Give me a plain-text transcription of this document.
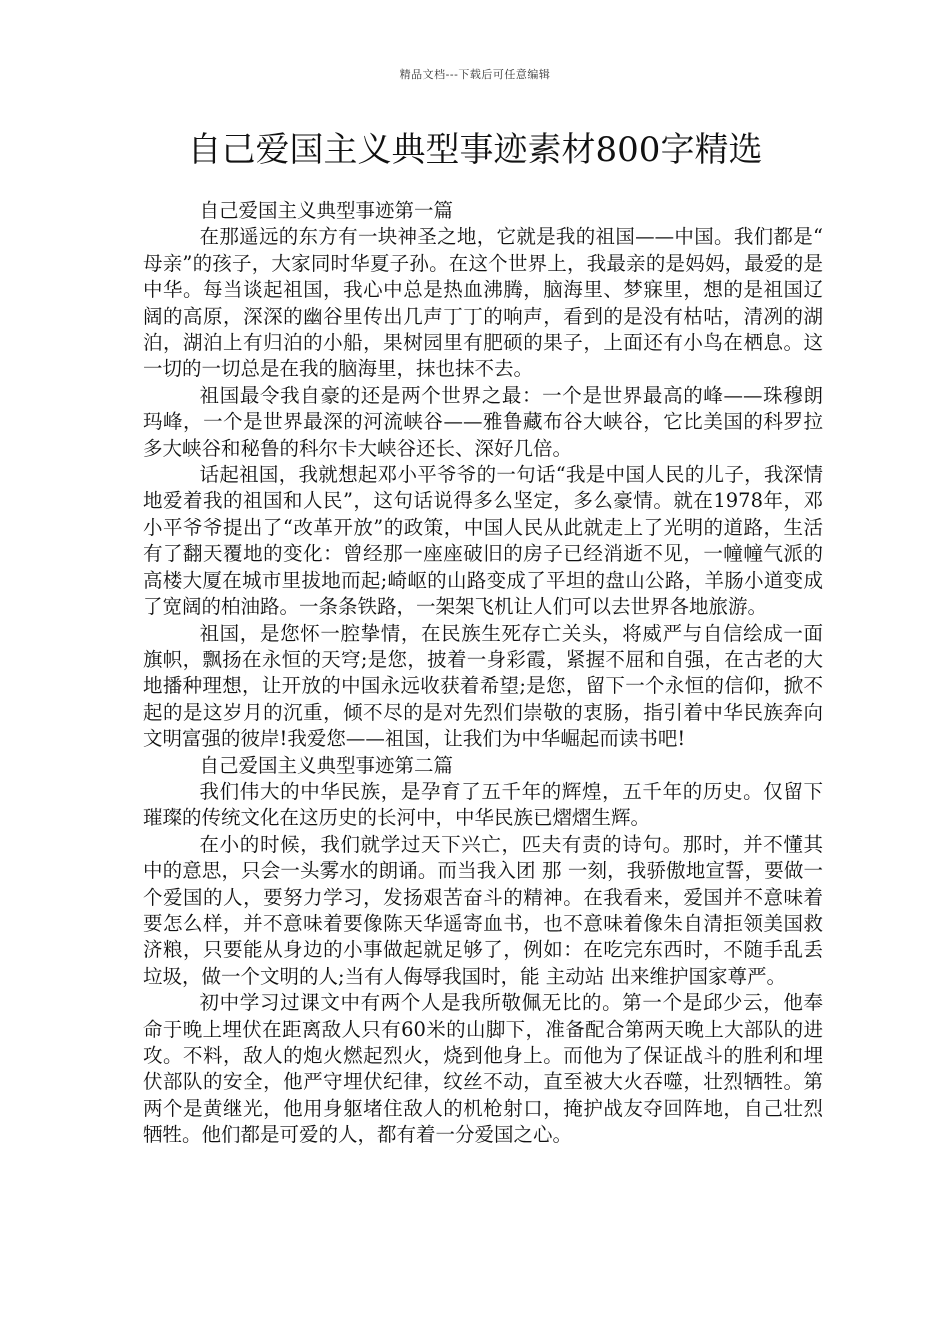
精品文档---下载后可任意编辑
自己爱国主义典型事迹素材800字精选

自己爱国主义典型事迹第一篇

在那遥远的东方有一块神圣之地，它就是我的祖国——中国。我们都是“母亲”的孩子，大家同时华夏子孙。在这个世界上，我最亲的是妈妈，最爱的是中华。每当谈起祖国，我心中总是热血沸腾，脑海里、梦寐里，想的是祖国辽阔的高原，深深的幽谷里传出几声丁丁的响声，看到的是没有枯咕，清冽的湖泊，湖泊上有归泊的小船，果树园里有肥硕的果子，上面还有小鸟在栖息。这一切的一切总是在我的脑海里，抹也抹不去。

祖国最令我自豪的还是两个世界之最：一个是世界最高的峰——珠穆朗玛峰，一个是世界最深的河流峡谷——雅鲁藏布谷大峡谷，它比美国的科罗拉多大峡谷和秘鲁的科尔卡大峡谷还长、深好几倍。

话起祖国，我就想起邓小平爷爷的一句话“我是中国人民的儿子，我深情地爱着我的祖国和人民”，这句话说得多么坚定，多么豪情。就在1978年，邓小平爷爷提出了“改革开放”的政策，中国人民从此就走上了光明的道路，生活有了翻天覆地的变化：曾经那一座座破旧的房子已经消逝不见，一幢幢气派的高楼大厦在城市里拔地而起;崎岖的山路变成了平坦的盘山公路，羊肠小道变成了宽阔的柏油路。一条条铁路，一架架飞机让人们可以去世界各地旅游。

祖国，是您怀一腔挚情，在民族生死存亡关头，将威严与自信绘成一面旗帜，飘扬在永恒的天穹;是您，披着一身彩霞，紧握不屈和自强，在古老的大地播种理想，让开放的中国永远收获着希望;是您，留下一个永恒的信仰，掀不起的是这岁月的沉重，倾不尽的是对先烈们崇敬的衷肠，指引着中华民族奔向文明富强的彼岸!我爱您——祖国，让我们为中华崛起而读书吧!

自己爱国主义典型事迹第二篇

我们伟大的中华民族，是孕育了五千年的辉煌，五千年的历史。仅留下璀璨的传统文化在这历史的长河中，中华民族已熠熠生辉。

在小的时候，我们就学过天下兴亡，匹夫有责的诗句。那时，并不懂其中的意思，只会一头雾水的朗诵。而当我入团 那 一刻，我骄傲地宣誓，要做一个爱国的人，要努力学习，发扬艰苦奋斗的精神。在我看来，爱国并不意味着要怎么样，并不意味着要像陈天华遥寄血书，也不意味着像朱自清拒领美国救济粮，只要能从身边的小事做起就足够了，例如：在吃完东西时，不随手乱丢垃圾，做一个文明的人;当有人侮辱我国时，能 主动站 出来维护国家尊严。

初中学习过课文中有两个人是我所敬佩无比的。第一个是邱少云，他奉命于晚上埋伏在距离敌人只有60米的山脚下，准备配合第两天晚上大部队的进攻。不料，敌人的炮火燃起烈火，烧到他身上。而他为了保证战斗的胜利和埋伏部队的安全，他严守埋伏纪律，纹丝不动，直至被大火吞噬，壮烈牺牲。第两个是黄继光，他用身躯堵住敌人的机枪射口，掩护战友夺回阵地，自己壮烈牺牲。他们都是可爱的人，都有着一分爱国之心。
